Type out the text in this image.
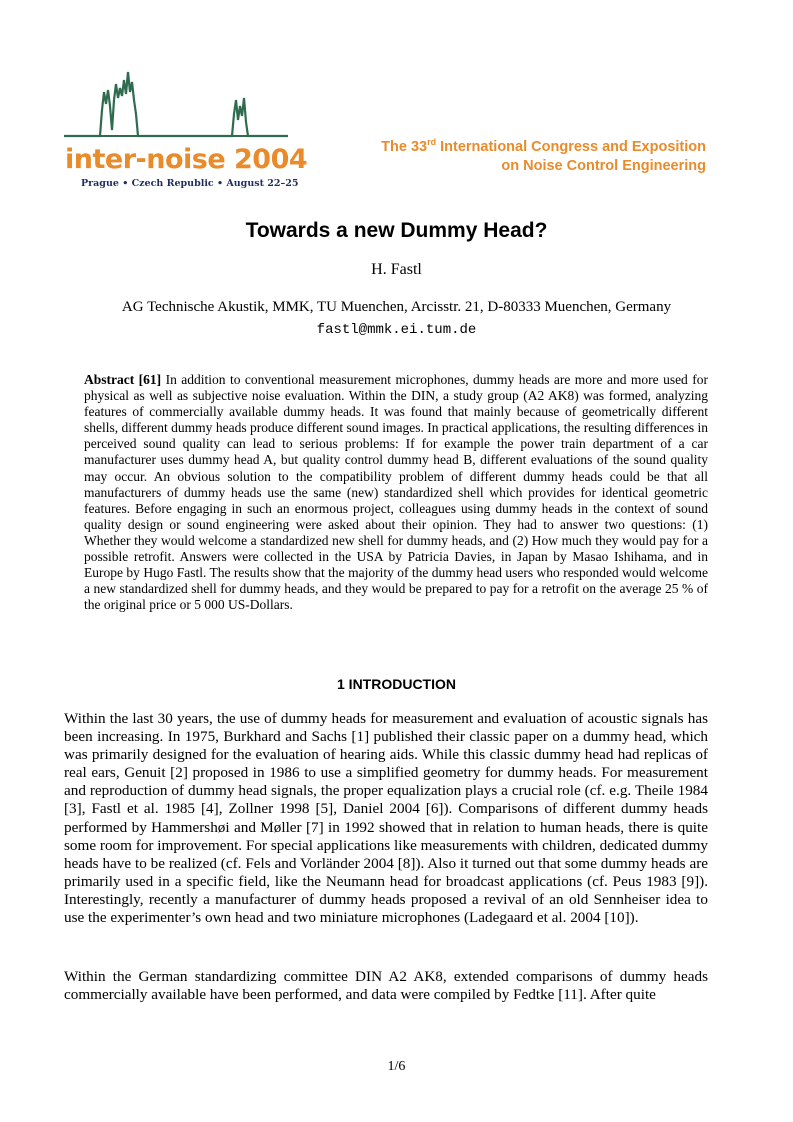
inter-noise 2004
Prague • Czech Republic • August 22–25
The 33rd International Congress and Exposition
on Noise Control Engineering
Towards a new Dummy Head?
H. Fastl
AG Technische Akustik, MMK, TU Muenchen, Arcisstr. 21, D-80333 Muenchen, Germany
fastl@mmk.ei.tum.de
Abstract [61] In addition to conventional measurement microphones, dummy heads are more and more used for physical as well as subjective noise evaluation. Within the DIN, a study group (A2 AK8) was formed, analyzing features of commercially available dummy heads. It was found that mainly because of geometrically different shells, different dummy heads produce different sound images. In practical applications, the resulting differences in perceived sound quality can lead to serious problems: If for example the power train department of a car manufacturer uses dummy head A, but quality control dummy head B, different evaluations of the sound quality may occur. An obvious solution to the compatibility problem of different dummy heads could be that all manufacturers of dummy heads use the same (new) standardized shell which provides for identical geometric features. Before engaging in such an enormous project, colleagues using dummy heads in the context of sound quality design or sound engineering were asked about their opinion. They had to answer two questions: (1) Whether they would welcome a standardized new shell for dummy heads, and (2) How much they would pay for a possible retrofit. Answers were collected in the USA by Patricia Davies, in Japan by Masao Ishihama, and in Europe by Hugo Fastl. The results show that the majority of the dummy head users who responded would welcome a new standardized shell for dummy heads, and they would be prepared to pay for a retrofit on the average 25 % of the original price or 5 000 US-Dollars.
1 INTRODUCTION
Within the last 30 years, the use of dummy heads for measurement and evaluation of acoustic signals has been increasing. In 1975, Burkhard and Sachs [1] published their classic paper on a dummy head, which was primarily designed for the evaluation of hearing aids. While this classic dummy head had replicas of real ears, Genuit [2] proposed in 1986 to use a simplified geometry for dummy heads. For measurement and reproduction of dummy head signals, the proper equalization plays a crucial role (cf. e.g. Theile 1984 [3], Fastl et al. 1985 [4], Zollner 1998 [5], Daniel 2004 [6]). Comparisons of different dummy heads performed by Hammershøi and Møller [7] in 1992 showed that in relation to human heads, there is quite some room for improvement. For special applications like measurements with children, dedicated dummy heads have to be realized (cf. Fels and Vorländer 2004 [8]). Also it turned out that some dummy heads are primarily used in a specific field, like the Neumann head for broadcast applications (cf. Peus 1983 [9]). Interestingly, recently a manufacturer of dummy heads proposed a revival of an old Sennheiser idea to use the experimenter’s own head and two miniature microphones (Ladegaard et al. 2004 [10]).
Within the German standardizing committee DIN A2 AK8, extended comparisons of dummy heads commercially available have been performed, and data were compiled by Fedtke [11]. After quite
1/6
